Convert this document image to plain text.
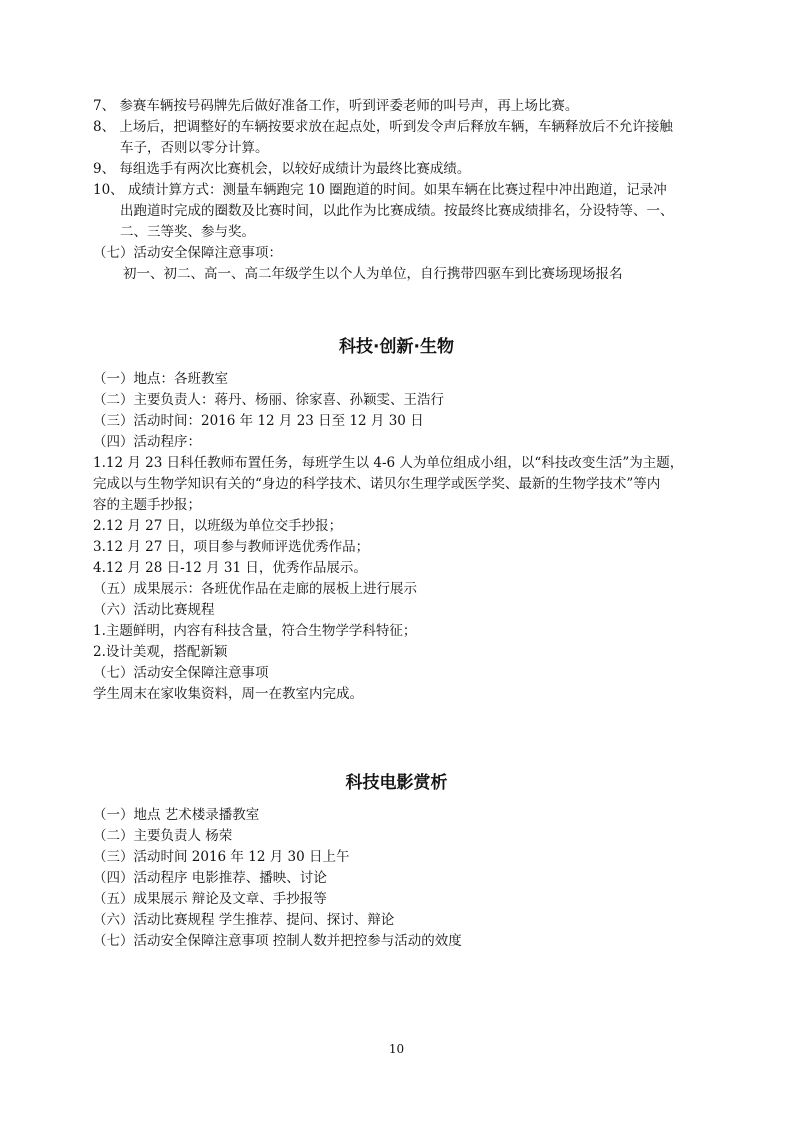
7、 参赛车辆按号码牌先后做好准备工作，听到评委老师的叫号声，再上场比赛。
8、 上场后，把调整好的车辆按要求放在起点处，听到发令声后释放车辆，车辆释放后不允许接触
车子，否则以零分计算。
9、 每组选手有两次比赛机会，以较好成绩计为最终比赛成绩。
10、 成绩计算方式：测量车辆跑完 10 圈跑道的时间。如果车辆在比赛过程中冲出跑道，记录冲
出跑道时完成的圈数及比赛时间，以此作为比赛成绩。按最终比赛成绩排名，分设特等、一、
二、三等奖、参与奖。
（七）活动安全保障注意事项：
初一、初二、高一、高二年级学生以个人为单位，自行携带四驱车到比赛场现场报名
科技·创新·生物
（一）地点：各班教室
（二）主要负责人：蒋丹、杨丽、徐家喜、孙颖雯、王浩行
（三）活动时间：2016 年 12 月 23 日至 12 月 30 日
（四）活动程序：
1.12 月 23 日科任教师布置任务，每班学生以 4-6 人为单位组成小组，以“科技改变生活”为主题，
完成以与生物学知识有关的“身边的科学技术、诺贝尔生理学或医学奖、最新的生物学技术”等内
容的主题手抄报；
2.12 月 27 日，以班级为单位交手抄报；
3.12 月 27 日，项目参与教师评选优秀作品；
4.12 月 28 日-12 月 31 日，优秀作品展示。
（五）成果展示：各班优作品在走廊的展板上进行展示
（六）活动比赛规程
1.主题鲜明，内容有科技含量，符合生物学学科特征；
2.设计美观，搭配新颖
（七）活动安全保障注意事项
学生周末在家收集资料，周一在教室内完成。
科技电影赏析
（一）地点 艺术楼录播教室
（二）主要负责人 杨荣
（三）活动时间 2016 年 12 月 30 日上午
（四）活动程序 电影推荐、播映、讨论
（五）成果展示 辩论及文章、手抄报等
（六）活动比赛规程 学生推荐、提问、探讨、辩论
（七）活动安全保障注意事项 控制人数并把控参与活动的效度
10
